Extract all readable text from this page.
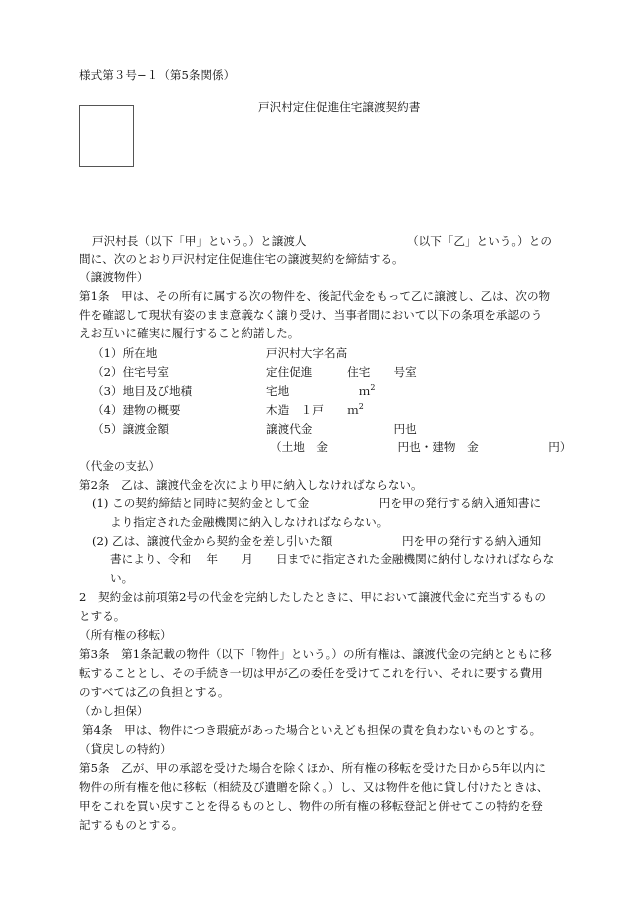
様式第３号−１（第5条関係）
戸沢村定住促進住宅譲渡契約書
戸沢村長（以下「甲」という。）と譲渡人	（以下「乙」という。）との
間に、次のとおり戸沢村定住促進住宅の譲渡契約を締結する。
（譲渡物件）
第1条　甲は、その所有に属する次の物件を、後記代金をもって乙に譲渡し、乙は、次の物
件を確認して現状有姿のまま意義なく譲り受け、当事者間において以下の条項を承認のう
えお互いに確実に履行すること約諾した。
（1）所在地	戸沢村大字名高
（2）住宅号室	定住促進　　　住宅　　号室
（3）地目及び地積	宅地　　　　　　ｍ$^2$
（4）建物の概要	木造　１戸　　ｍ$^2$
（5）譲渡金額	譲渡代金　　　　　　　円也
（土地　金　　　　　　円也・建物　金　　　　　　円）
（代金の支払）
第2条　乙は、譲渡代金を次により甲に納入しなければならない。
(1) この契約締結と同時に契約金として金　　　　　　円を甲の発行する納入通知書に
より指定された金融機関に納入しなければならない。
(2) 乙は、譲渡代金から契約金を差し引いた額　　　　　　円を甲の発行する納入通知
書により、令和　 年　　月　　日までに指定された金融機関に納付しなければならな
い。
2　契約金は前項第2号の代金を完納したしたときに、甲において譲渡代金に充当するもの
とする。
（所有権の移転）
第3条　第1条記載の物件（以下「物件」という。）の所有権は、譲渡代金の完納とともに移
転することとし、その手続き一切は甲が乙の委任を受けてこれを行い、それに要する費用
のすべては乙の負担とする。
（かし担保）
第4条　甲は、物件につき瑕疵があった場合といえども担保の責を負わないものとする。
（貸戻しの特約）
第5条　乙が、甲の承認を受けた場合を除くほか、所有権の移転を受けた日から5年以内に
物件の所有権を他に移転（相続及び遺贈を除く。）し、又は物件を他に貸し付けたときは、
甲をこれを買い戻すことを得るものとし、物件の所有権の移転登記と併せてこの特約を登
記するものとする。
